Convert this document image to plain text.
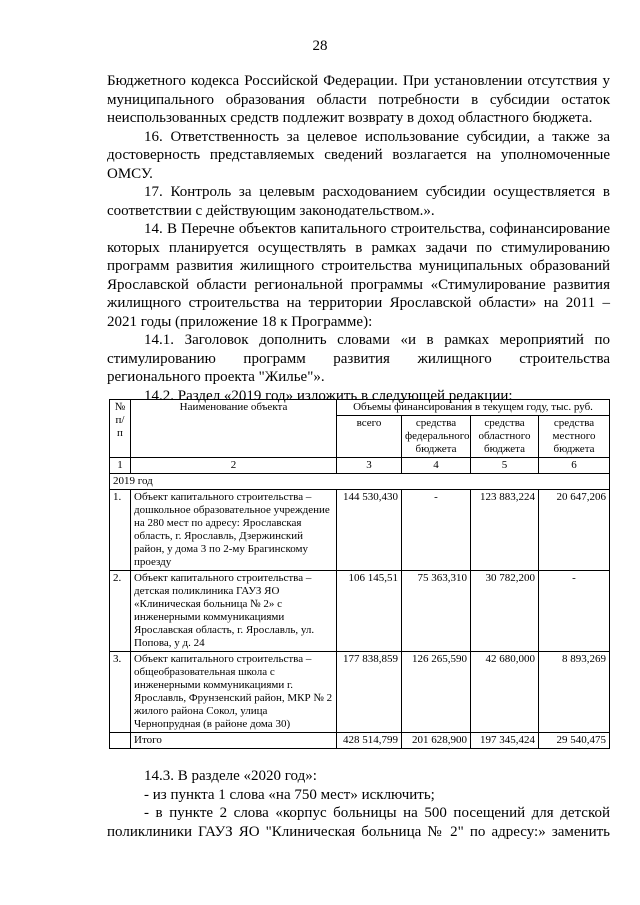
28

Бюджетного кодекса Российской Федерации. При установлении отсутствия у муниципального образования области потребности в субсидии остаток неиспользованных средств подлежит возврату в доход областного бюджета.

16. Ответственность за целевое использование субсидии, а также за достоверность представляемых сведений возлагается на уполномоченные ОМСУ.

17. Контроль за целевым расходованием субсидии осуществляется в соответствии с действующим законодательством.».

14. В Перечне объектов капитального строительства, софинансирование которых планируется осуществлять в рамках задачи по стимулированию программ развития жилищного строительства муниципальных образований Ярославской области региональной программы «Стимулирование развития жилищного строительства на территории Ярославской области» на 2011 – 2021 годы (приложение 18 к Программе):

14.1. Заголовок дополнить словами «и в рамках мероприятий по стимулированию программ развития жилищного строительства регионального проекта "Жилье"».

14.2. Раздел «2019 год» изложить в следующей редакции:

№ п/п	Наименование объекта	Объемы финансирования в текущем году, тыс. руб.			
		всего	средства федерального бюджета	средства областного бюджета	средства местного бюджета
1	2	3	4	5	6
2019 год					
1.	Объект капитального строительства – дошкольное образовательное учреждение на 280 мест по адресу: Ярославская область, г. Ярославль, Дзержинский район, у дома 3 по 2-му Брагинскому проезду	144 530,430	-	123 883,224	20 647,206
2.	Объект капитального строительства – детская поликлиника ГАУЗ ЯО «Клиническая больница № 2» с инженерными коммуникациями Ярославская область, г. Ярославль, ул. Попова, у д. 24	106 145,51	75 363,310	30 782,200	-
3.	Объект капитального строительства – общеобразовательная школа с инженерными коммуникациями г. Ярославль, Фрунзенский район, МКР № 2 жилого района Сокол, улица Чернопрудная (в районе дома 30)	177 838,859	126 265,590	42 680,000	8 893,269
	Итого	428 514,799	201 628,900	197 345,424	29 540,475

14.3. В разделе «2020 год»:

- из пункта 1 слова «на 750 мест» исключить;

- в пункте 2 слова «корпус больницы на 500 посещений для детской поликлиники ГАУЗ ЯО "Клиническая больница № 2" по адресу:» заменить
